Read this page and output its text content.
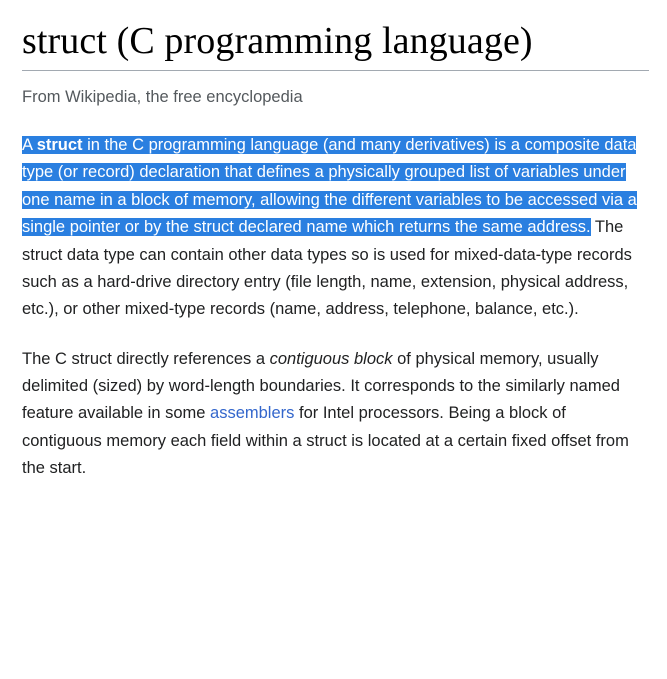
struct (C programming language)
From Wikipedia, the free encyclopedia

A struct in the C programming language (and many derivatives) is a composite data type (or record) declaration that defines a physically grouped list of variables under one name in a block of memory, allowing the different variables to be accessed via a single pointer or by the struct declared name which returns the same address. The struct data type can contain other data types so is used for mixed-data-type records such as a hard-drive directory entry (file length, name, extension, physical address, etc.), or other mixed-type records (name, address, telephone, balance, etc.).

The C struct directly references a contiguous block of physical memory, usually delimited (sized) by word-length boundaries. It corresponds to the similarly named feature available in some assemblers for Intel processors. Being a block of contiguous memory each field within a struct is located at a certain fixed offset from the start.
